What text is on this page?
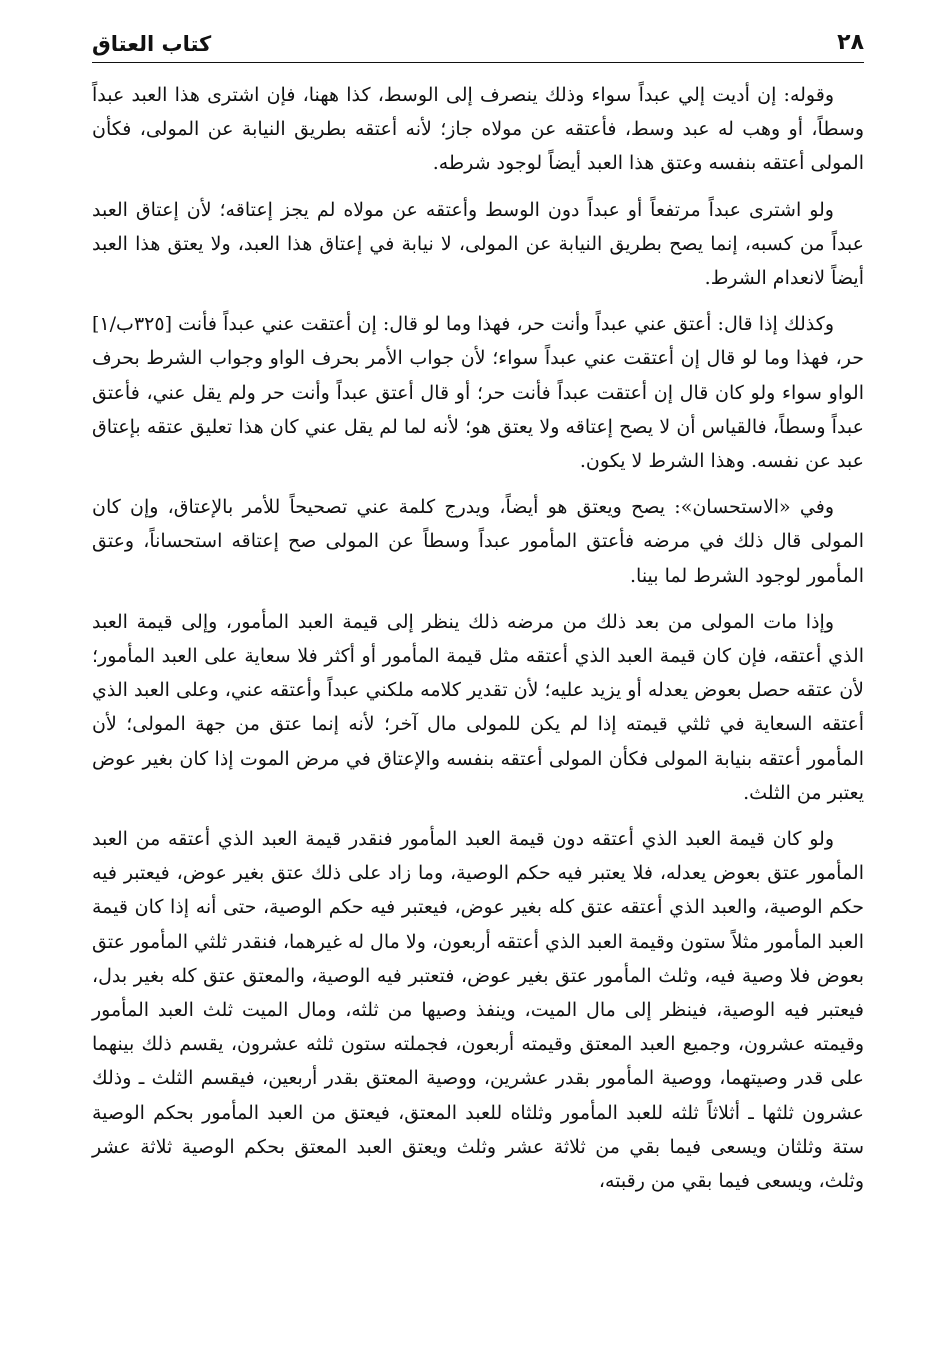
٢٨
كتاب العتاق

وقوله: إن أديت إلي عبداً سواء وذلك ينصرف إلى الوسط، كذا ههنا، فإن اشترى هذا العبد عبداً وسطاً، أو وهب له عبد وسط، فأعتقه عن مولاه جاز؛ لأنه أعتقه بطريق النيابة عن المولى، فكأن المولى أعتقه بنفسه وعتق هذا العبد أيضاً لوجود شرطه.

ولو اشترى عبداً مرتفعاً أو عبداً دون الوسط وأعتقه عن مولاه لم يجز إعتاقه؛ لأن إعتاق العبد عبداً من كسبه، إنما يصح بطريق النيابة عن المولى، لا نيابة في إعتاق هذا العبد، ولا يعتق هذا العبد أيضاً لانعدام الشرط.

وكذلك إذا قال: أعتق عني عبداً وأنت حر، فهذا وما لو قال: إن أعتقت عني عبداً فأنت [٣٢٥ب/١] حر، فهذا وما لو قال إن أعتقت عني عبداً سواء؛ لأن جواب الأمر بحرف الواو وجواب الشرط بحرف الواو سواء ولو كان قال إن أعتقت عبداً فأنت حر؛ أو قال أعتق عبداً وأنت حر ولم يقل عني، فأعتق عبداً وسطاً، فالقياس أن لا يصح إعتاقه ولا يعتق هو؛ لأنه لما لم يقل عني كان هذا تعليق عتقه بإعتاق عبد عن نفسه. وهذا الشرط لا يكون.

وفي «الاستحسان»: يصح ويعتق هو أيضاً، ويدرج كلمة عني تصحيحاً للأمر بالإعتاق، وإن كان المولى قال ذلك في مرضه فأعتق المأمور عبداً وسطاً عن المولى صح إعتاقه استحساناً، وعتق المأمور لوجود الشرط لما بينا.

وإذا مات المولى من بعد ذلك من مرضه ذلك ينظر إلى قيمة العبد المأمور، وإلى قيمة العبد الذي أعتقه، فإن كان قيمة العبد الذي أعتقه مثل قيمة المأمور أو أكثر فلا سعاية على العبد المأمور؛ لأن عتقه حصل بعوض يعدله أو يزيد عليه؛ لأن تقدير كلامه ملكني عبداً وأعتقه عني، وعلى العبد الذي أعتقه السعاية في ثلثي قيمته إذا لم يكن للمولى مال آخر؛ لأنه إنما عتق من جهة المولى؛ لأن المأمور أعتقه بنيابة المولى فكأن المولى أعتقه بنفسه والإعتاق في مرض الموت إذا كان بغير عوض يعتبر من الثلث.

ولو كان قيمة العبد الذي أعتقه دون قيمة العبد المأمور فنقدر قيمة العبد الذي أعتقه من العبد المأمور عتق بعوض يعدله، فلا يعتبر فيه حكم الوصية، وما زاد على ذلك عتق بغير عوض، فيعتبر فيه حكم الوصية، والعبد الذي أعتقه عتق كله بغير عوض، فيعتبر فيه حكم الوصية، حتى أنه إذا كان قيمة العبد المأمور مثلاً ستون وقيمة العبد الذي أعتقه أربعون، ولا مال له غيرهما، فنقدر ثلثي المأمور عتق بعوض فلا وصية فيه، وثلث المأمور عتق بغير عوض، فتعتبر فيه الوصية، والمعتق عتق كله بغير بدل، فيعتبر فيه الوصية، فينظر إلى مال الميت، وينفذ وصيها من ثلثه، ومال الميت ثلث العبد المأمور وقيمته عشرون، وجميع العبد المعتق وقيمته أربعون، فجملته ستون ثلثه عشرون، يقسم ذلك بينهما على قدر وصيتهما، ووصية المأمور بقدر عشرين، ووصية المعتق بقدر أربعين، فيقسم الثلث ـ وذلك عشرون ثلثها ـ أثلاثاً ثلثه للعبد المأمور وثلثاه للعبد المعتق، فيعتق من العبد المأمور بحكم الوصية ستة وثلثان ويسعى فيما بقي من ثلاثة عشر وثلث ويعتق العبد المعتق بحكم الوصية ثلاثة عشر وثلث، ويسعى فيما بقي من رقبته،
